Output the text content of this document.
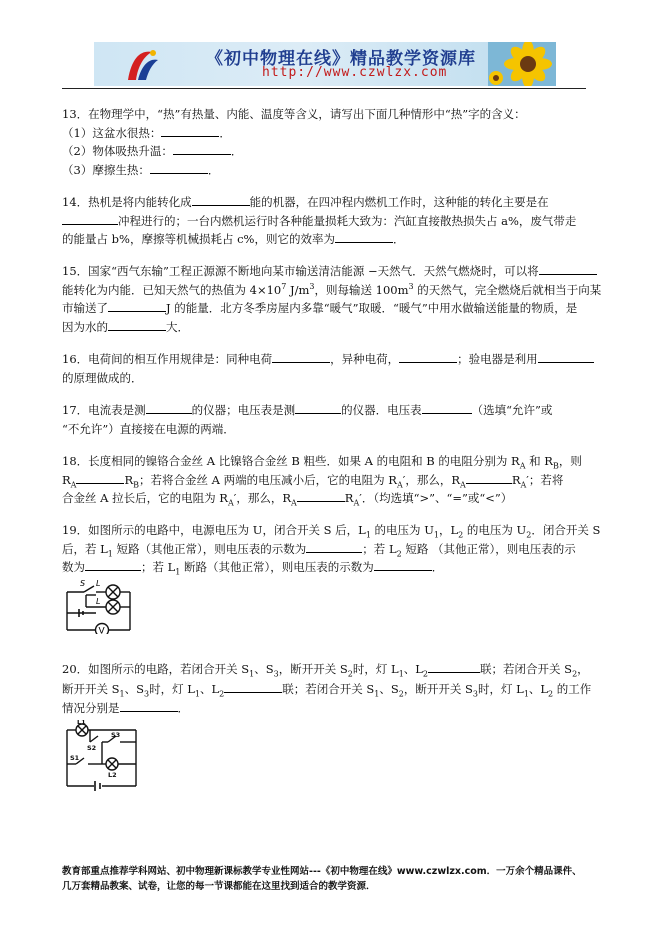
《初中物理在线》精品教学资源库
http://www.czwlzx.com
13．在物理学中，“热”有热量、内能、温度等含义，请写出下面几种情形中“热”字的含义：
（1）这盆水很热：	．
（2）物体吸热升温：	．
（3）摩擦生热：	．
14．热机是将内能转化成	能的机器，在四冲程内燃机工作时，这种能的转化主要是在
冲程进行的；一台内燃机运行时各种能量损耗大致为：汽缸直接散热损失占 a%，废气带走
的能量占 b%，摩擦等机械损耗占 c%，则它的效率为	．
15．国家“西气东输”工程正源源不断地向某市输送清洁能源 −天然气．天然气燃烧时，可以将
能转化为内能．已知天然气的热值为 $4\times 10^7$ $J/m^3$，则每输送 $100m^3$ 的天然气，完全燃烧后就相当于向某
市输送了	J 的能量．北方冬季房屋内多靠“暖气”取暖．“暖气”中用水做输送能量的物质，是
因为水的	大．
16．电荷间的相互作用规律是：同种电荷	，异种电荷，	；验电器是利用
的原理做成的．
17．电流表是测	的仪器；电压表是测	的仪器．电压表	（选填“允许”或
“不允许”）直接接在电源的两端．
18．长度相同的镍铬合金丝 A 比镍铬合金丝 B 粗些．如果 A 的电阻和 B 的电阻分别为 $R_A$ 和 $R_B$，则
$R_A$	$R_B$；若将合金丝 A 两端的电压减小后，它的电阻为 $R_A'$，那么，$R_A$	$R_A'$；若将
合金丝 A 拉长后，它的电阻为 $R_A'$，那么，$R_A$	$R_A'$．（均选填“>”、“=”或“<”）
19．如图所示的电路中，电源电压为 U，闭合开关 S 后，$L_1$ 的电压为 $U_1$，$L_2$ 的电压为 $U_2$．闭合开关 S
后，若 $L_1$ 短路（其他正常），则电压表的示数为	；若 $L_2$ 短路 （其他正常），则电压表的示
数为	；若 $L_1$ 断路（其他正常），则电压表的示数为	．
S L
L
V
20．如图所示的电路，若闭合开关 $S_1$、$S_3$，断开开关 $S_2$时，灯 $L_1$、$L_2$	联；若闭合开关 $S_2$，
断开开关 $S_1$、$S_3$时，灯 $L_1$、$L_2$	联；若闭合开关 $S_1$、$S_2$，断开开关 $S_3$时，灯 $L_1$、$L_2$ 的工作
情况分别是	．
L1
S2
S3
S1
L2
教育部重点推荐学科网站、初中物理新课标教学专业性网站---《初中物理在线》www.czwlzx.com．一万余个精品课件、
几万套精品教案、试卷，让您的每一节课都能在这里找到适合的教学资源．
